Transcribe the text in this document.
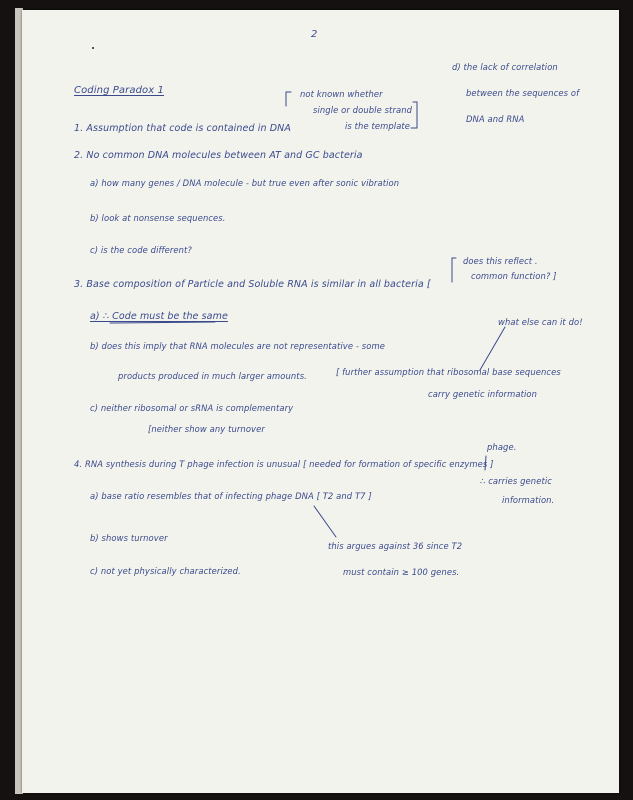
2
d) the lack of correlation
between the sequences of
DNA and RNA
Coding Paradox 1
1. Assumption that code is contained in DNA
not known whether
single or double strand
is the template
2. No common DNA molecules between AT and GC bacteria
a) how many genes / DNA molecule - but true even after sonic vibration
b) look at nonsense sequences.
c) is the code different?
3. Base composition of Particle and Soluble RNA is similar in all bacteria [
does this reflect .
common function? ]
a) ∴ Code must be the same	what else can it do!
b) does this imply that RNA molecules are not representative - some
products produced in much larger amounts.	[ further assumption that ribosomal base sequences
carry genetic information
c) neither ribosomal or sRNA is complementary
[neither show any turnover
4. RNA synthesis during T phage infection is unusual [ needed for formation of specific enzymes ]
phage.
∴ carries genetic
information.
a) base ratio resembles that of infecting phage DNA [ T2 and T7 ]
b) shows turnover
c) not yet physically characterized.
this argues against 36 since T2
must contain ≥ 100 genes.
